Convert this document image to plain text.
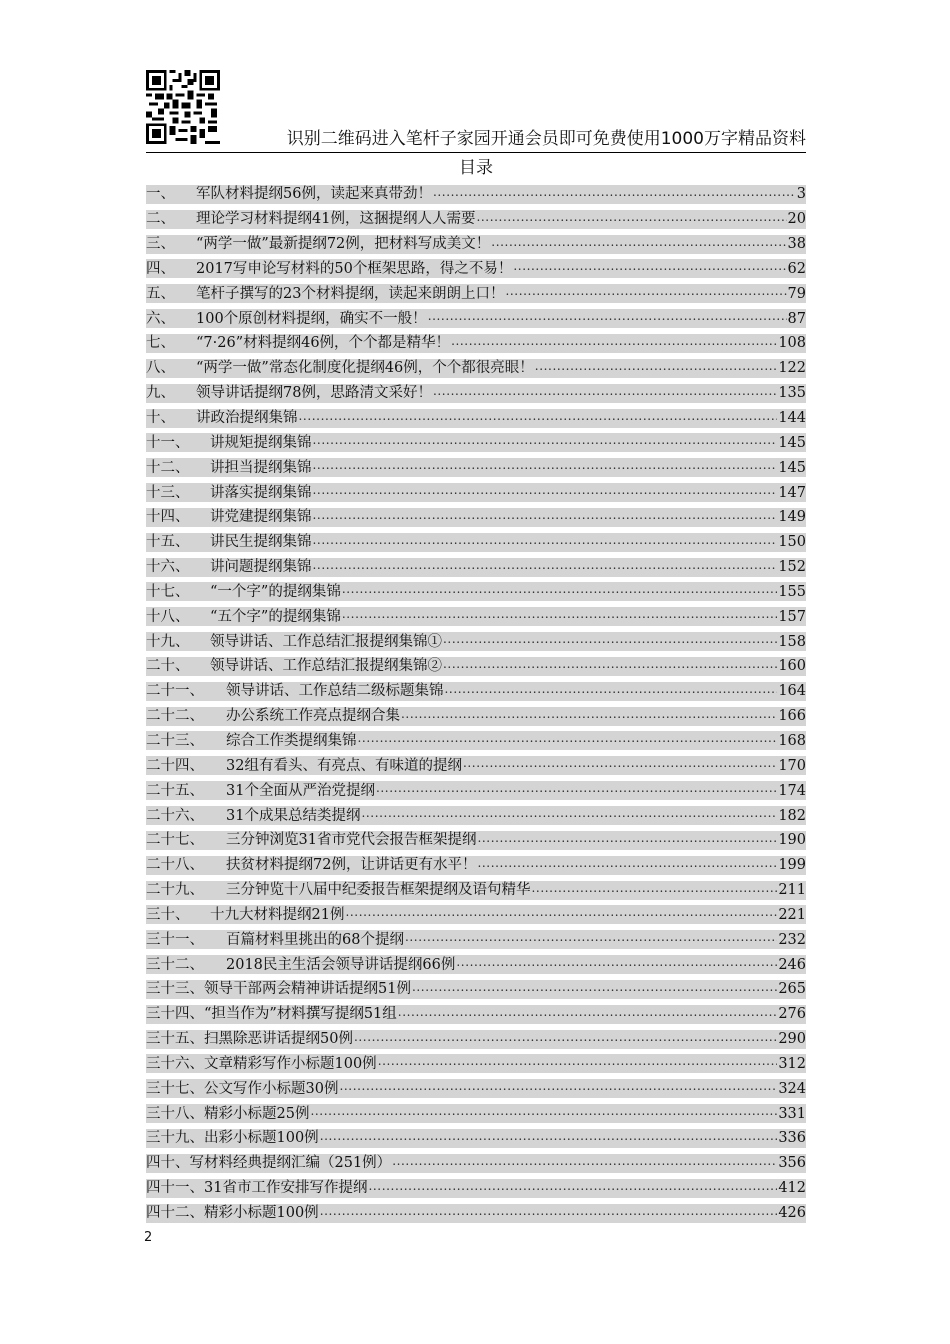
识别二维码进入笔杆子家园开通会员即可免费使用1000万字精品资料
目录
一、	军队材料提纲56例，读起来真带劲！ .....	3
二、	理论学习材料提纲41例，这捆提纲人人需要 .....	20
三、	“两学一做”最新提纲72例，把材料写成美文！ .....	38
四、	2017写申论写材料的50个框架思路，得之不易！ .....	62
五、	笔杆子撰写的23个材料提纲，读起来朗朗上口！ .....	79
六、	100个原创材料提纲，确实不一般！ .....	87
七、	“7·26”材料提纲46例，个个都是精华！ .....	108
八、	“两学一做”常态化制度化提纲46例，个个都很亮眼！ .....	122
九、	领导讲话提纲78例，思路清文采好！ .....	135
十、	讲政治提纲集锦 .....	144
十一、	讲规矩提纲集锦 .....	145
十二、	讲担当提纲集锦 .....	145
十三、	讲落实提纲集锦 .....	147
十四、	讲党建提纲集锦 .....	149
十五、	讲民生提纲集锦 .....	150
十六、	讲问题提纲集锦 .....	152
十七、	“一个字”的提纲集锦 .....	155
十八、	“五个字”的提纲集锦 .....	157
十九、	领导讲话、工作总结汇报提纲集锦① .....	158
二十、	领导讲话、工作总结汇报提纲集锦② .....	160
二十一、	领导讲话、工作总结二级标题集锦 .....	164
二十二、	办公系统工作亮点提纲合集 .....	166
二十三、	综合工作类提纲集锦 .....	168
二十四、	32组有看头、有亮点、有味道的提纲 .....	170
二十五、	31个全面从严治党提纲 .....	174
二十六、	31个成果总结类提纲 .....	182
二十七、	三分钟浏览31省市党代会报告框架提纲 .....	190
二十八、	扶贫材料提纲72例，让讲话更有水平！ .....	199
二十九、	三分钟览十八届中纪委报告框架提纲及语句精华 .....	211
三十、	十九大材料提纲21例 .....	221
三十一、	百篇材料里挑出的68个提纲 .....	232
三十二、	2018民主生活会领导讲话提纲66例 .....	246
三十三、 领导干部两会精神讲话提纲51例 .....	265
三十四、 “担当作为”材料撰写提纲51组 .....	276
三十五、 扫黑除恶讲话提纲50例 .....	290
三十六、 文章精彩写作小标题100例 .....	312
三十七、 公文写作小标题30例 .....	324
三十八、 精彩小标题25例 .....	331
三十九、 出彩小标题100例 .....	336
四十、 写材料经典提纲汇编（251例） .....	356
四十一、 31省市工作安排写作提纲 .....	412
四十二、 精彩小标题100例 .....	426
2
